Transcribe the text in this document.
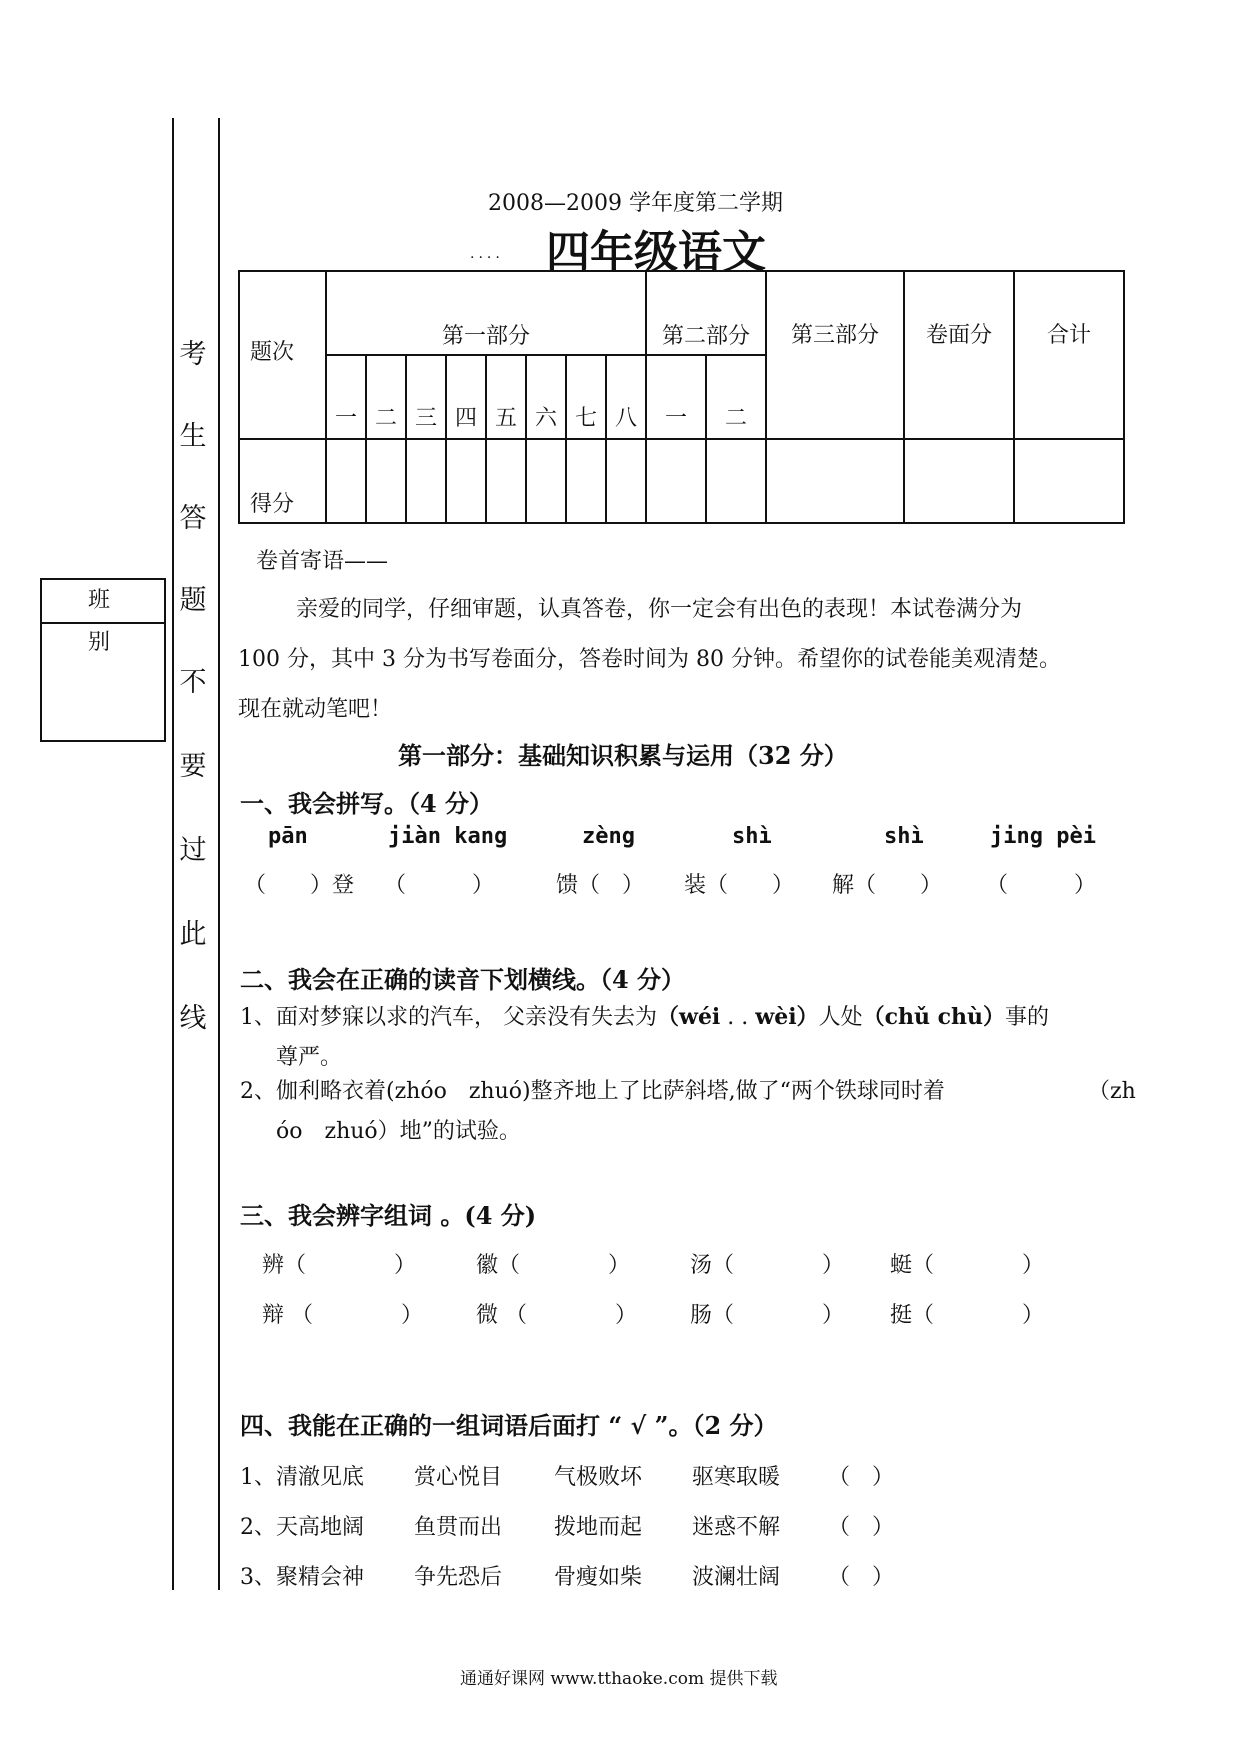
考
生
答
题
不
要
过
此
线
班 别
2008—2009 学年度第二学期
.... 四年级语文
题次	第一部分								第二部分		第三部分	卷面分	合计
	一	二	三	四	五	六	七	八	一	二			
得分													
卷首寄语——
亲爱的同学，仔细审题，认真答卷，你一定会有出色的表现！本试卷满分为
100 分，其中 3 分为书写卷面分，答卷时间为 80 分钟。希望你的试卷能美观清楚。
现在就动笔吧！
第一部分：基础知识积累与运用（32 分）
一、我会拼写。（4 分）
pān	jiàn kang	zèng	shì	shì	jing pèi
（　　）登 （　　　）	馈（　） 装（　　） 解（　　） （　　　）
二、我会在正确的读音下划横线。（4 分）
1、面对梦寐以求的汽车， 父亲没有失去为（wéi . . wèi）人处（chǔ chù）事的
尊严。
2、伽利略衣着(zhóo　zhuó)整齐地上了比萨斜塔,做了“两个铁球同时着	（zh
óo　zhuó）地”的试验。
三、我会辨字组词 。(4 分)
辨（　　　　）	徽（　　　　）	汤（　　　　） 蜓（　　　　）
辩 （　　　　） 微 （　　　　） 肠（　　　　） 挺（　　　　）
四、我能在正确的一组词语后面打 “ √ ”。（2 分）
1、清澈见底 赏心悦目 气极败坏 驱寒取暖 （　）
2、天高地阔 鱼贯而出 拨地而起 迷惑不解 （　）
3、聚精会神 争先恐后 骨瘦如柴 波澜壮阔 （　）
通通好课网 www.tthaoke.com 提供下载
